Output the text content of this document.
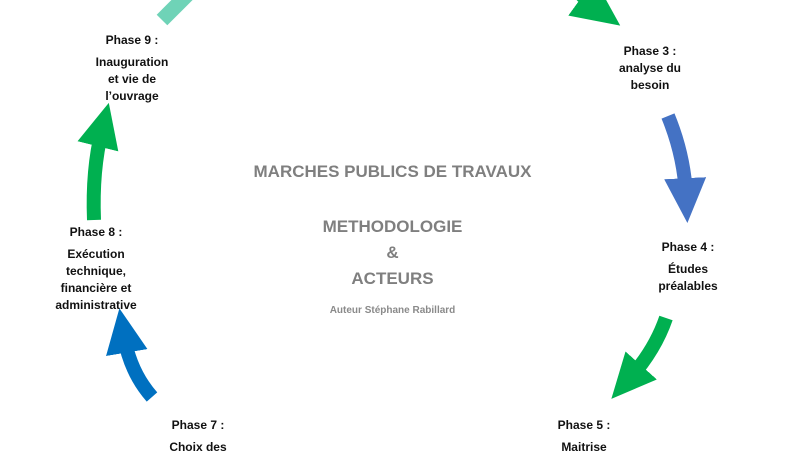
Phase 9 :
Inauguration
et vie de
l’ouvrage
Phase 3 :
analyse du
besoin
Phase 4 :
Études
préalables
Phase 5 :
Maitrise
Phase 7 :
Choix des
Phase 8 :
Exécution
technique,
financière et
administrative
MARCHES PUBLICS DE TRAVAUX
METHODOLOGIE
&
ACTEURS
Auteur Stéphane Rabillard
